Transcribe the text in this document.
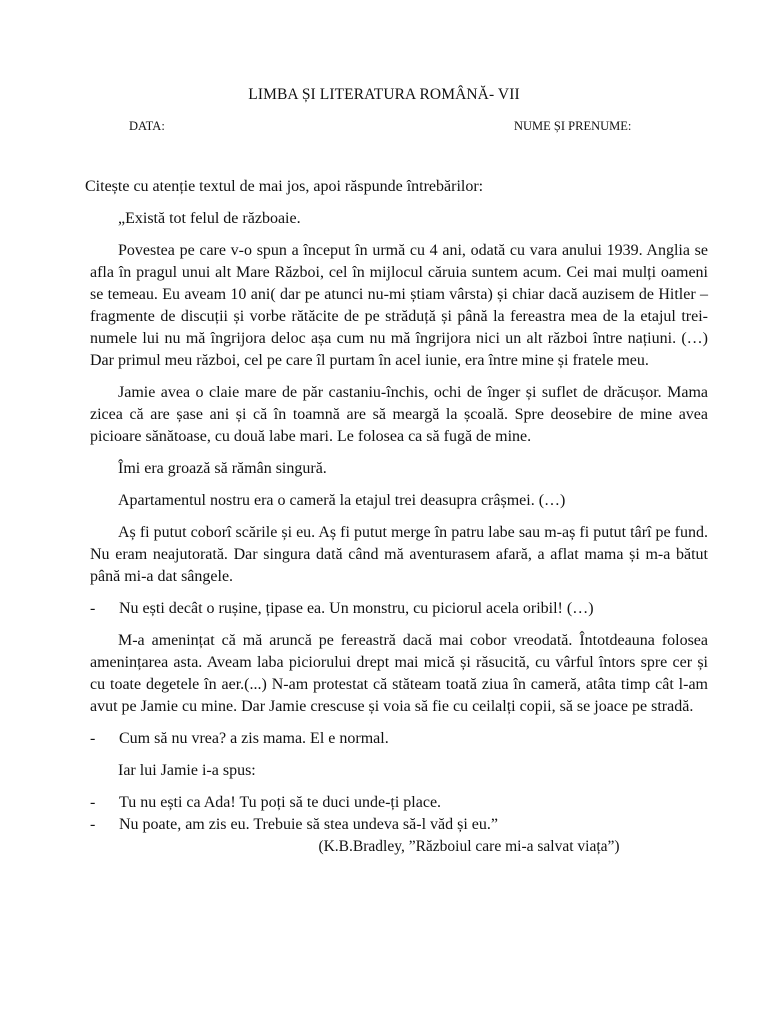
LIMBA ȘI LITERATURA ROMÂNĂ- VII
DATA:	NUME ȘI PRENUME:

Citește cu atenție textul de mai jos, apoi răspunde întrebărilor:

„Există tot felul de războaie.

Povestea pe care v-o spun a început în urmă cu 4 ani, odată cu vara anului 1939. Anglia se afla în pragul unui alt Mare Război, cel în mijlocul căruia suntem acum. Cei mai mulți oameni se temeau. Eu aveam 10 ani( dar pe atunci nu-mi știam vârsta) și chiar dacă auzisem de Hitler – fragmente de discuții și vorbe rătăcite de pe străduță și până la fereastra mea de la etajul trei- numele lui nu mă îngrijora deloc așa cum nu mă îngrijora nici un alt război între națiuni. (…) Dar primul meu război, cel pe care îl purtam în acel iunie, era între mine și fratele meu.

Jamie avea o claie mare de păr castaniu-închis, ochi de înger și suflet de drăcușor. Mama zicea că are șase ani și că în toamnă are să meargă la școală. Spre deosebire de mine avea picioare sănătoase, cu două labe mari. Le folosea ca să fugă de mine.

Îmi era groază să rămân singură.

Apartamentul nostru era o cameră la etajul trei deasupra crâșmei. (…)

Aș fi putut coborî scările și eu. Aș fi putut merge în patru labe sau m-aș fi putut târî pe fund. Nu eram neajutorată. Dar singura dată când mă aventurasem afară, a aflat mama și m-a bătut până mi-a dat sângele.

- Nu ești decât o rușine, țipase ea. Un monstru, cu piciorul acela oribil! (…)

M-a amenințat că mă aruncă pe fereastră dacă mai cobor vreodată. Întotdeauna folosea amenințarea asta. Aveam laba piciorului drept mai mică și răsucită, cu vârful întors spre cer și cu toate degetele în aer.(...) N-am protestat că stăteam toată ziua în cameră, atâta timp cât l-am avut pe Jamie cu mine. Dar Jamie crescuse și voia să fie cu ceilalți copii, să se joace pe stradă.

- Cum să nu vrea? a zis mama. El e normal.

Iar lui Jamie i-a spus:

- Tu nu ești ca Ada! Tu poți să te duci unde-ți place.

- Nu poate, am zis eu. Trebuie să stea undeva să-l văd și eu.”

(K.B.Bradley, ”Războiul care mi-a salvat viața”)
